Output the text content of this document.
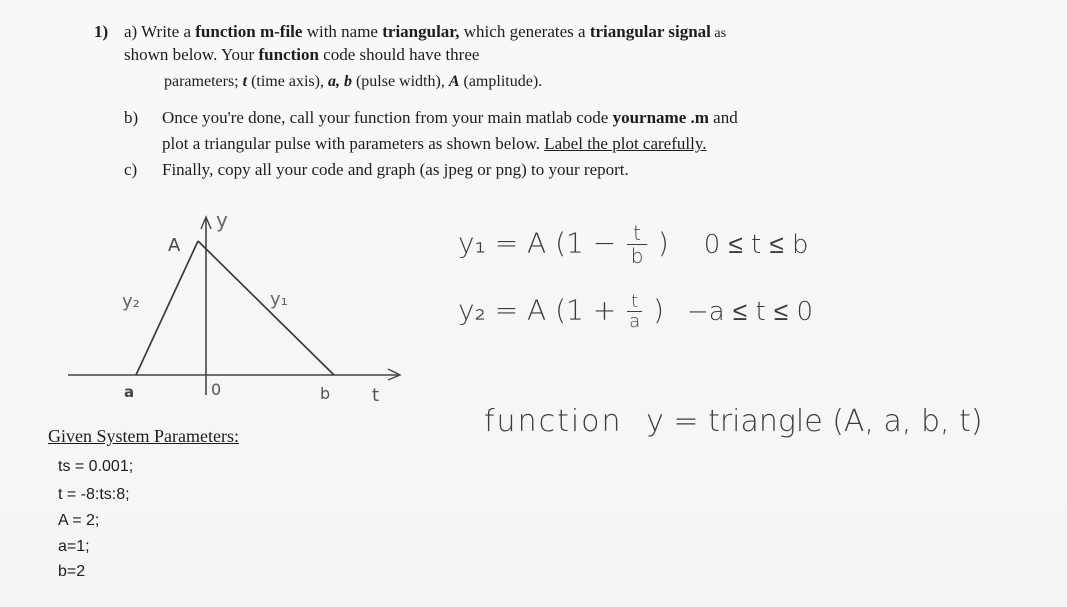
1) a) Write a function m-file with name triangular, which generates a triangular signal as
shown below. Your function code should have three
parameters; t (time axis), a, b (pulse width), A (amplitude).
b) Once you're done, call your function from your main matlab code yourname .m and
plot a triangular pulse with parameters as shown below. Label the plot carefully.
c) Finally, copy all your code and graph (as jpeg or png) to your report.
y
A
y₂	y₁
a	0	b t
Given System Parameters:
ts = 0.001;
t = -8:ts:8;
A = 2;
a=1;
b=2
y₁ = A ($1 - \frac{t}{b}$ ) 0 ≤ t ≤ b
y₂ = A ($1 + \frac{t}{a}$ ) −a ≤ t ≤ 0
function y = triangle (A, a, b, t)
